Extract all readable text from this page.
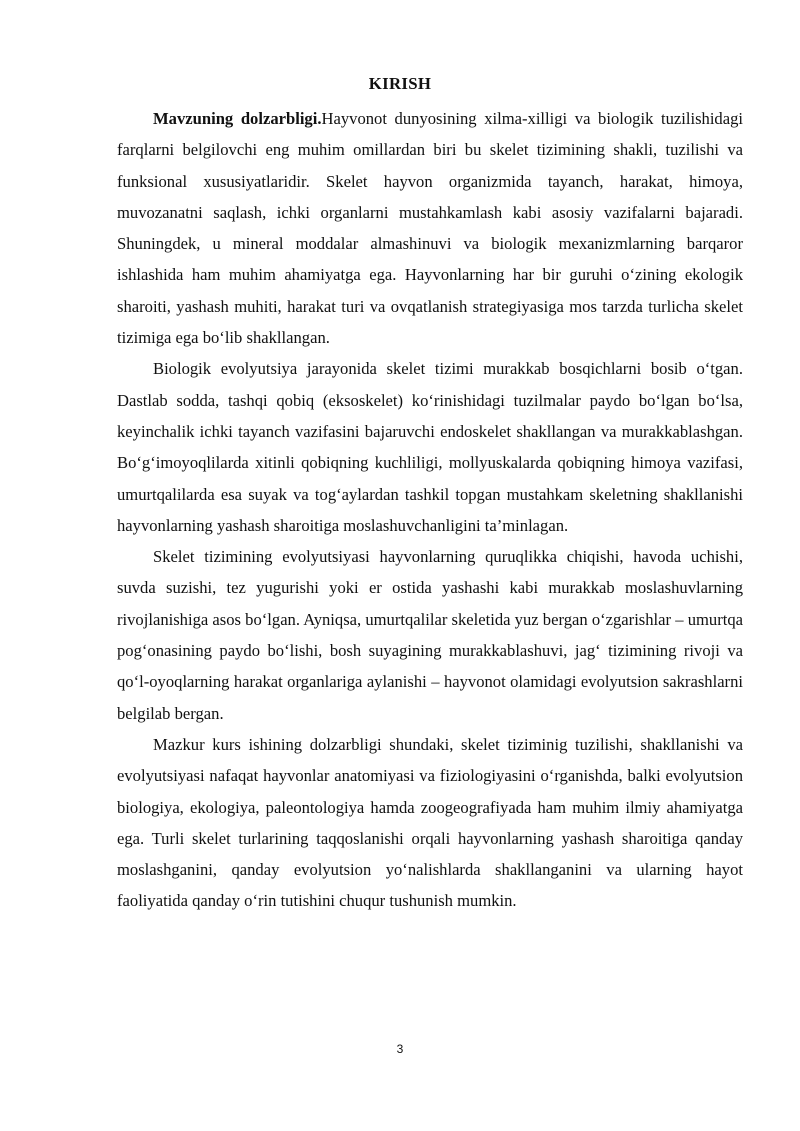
KIRISH

Mavzuning dolzarbligi.Hayvonot dunyosining xilma-xilligi va biologik tuzilishidagi farqlarni belgilovchi eng muhim omillardan biri bu skelet tizimining shakli, tuzilishi va funksional xususiyatlaridir. Skelet hayvon organizmida tayanch, harakat, himoya, muvozanatni saqlash, ichki organlarni mustahkamlash kabi asosiy vazifalarni bajaradi. Shuningdek, u mineral moddalar almashinuvi va biologik mexanizmlarning barqaror ishlashida ham muhim ahamiyatga ega. Hayvonlarning har bir guruhi o‘zining ekologik sharoiti, yashash muhiti, harakat turi va ovqatlanish strategiyasiga mos tarzda turlicha skelet tizimiga ega bo‘lib shakllangan.

Biologik evolyutsiya jarayonida skelet tizimi murakkab bosqichlarni bosib o‘tgan. Dastlab sodda, tashqi qobiq (eksoskelet) ko‘rinishidagi tuzilmalar paydo bo‘lgan bo‘lsa, keyinchalik ichki tayanch vazifasini bajaruvchi endoskelet shakllangan va murakkablashgan. Bo‘g‘imoyoqlilarda xitinli qobiqning kuchliligi, mollyuskalarda qobiqning himoya vazifasi, umurtqalilarda esa suyak va tog‘aylardan tashkil topgan mustahkam skeletning shakllanishi hayvonlarning yashash sharoitiga moslashuvchanligini ta’minlagan.

Skelet tizimining evolyutsiyasi hayvonlarning quruqlikka chiqishi, havoda uchishi, suvda suzishi, tez yugurishi yoki er ostida yashashi kabi murakkab moslashuvlarning rivojlanishiga asos bo‘lgan. Ayniqsa, umurtqalilar skeletida yuz bergan o‘zgarishlar – umurtqa pog‘onasining paydo bo‘lishi, bosh suyagining murakkablashuvi, jag‘ tizimining rivoji va qo‘l-oyoqlarning harakat organlariga aylanishi – hayvonot olamidagi evolyutsion sakrashlarni belgilab bergan.

Mazkur kurs ishining dolzarbligi shundaki, skelet tiziminig tuzilishi, shakllanishi va evolyutsiyasi nafaqat hayvonlar anatomiyasi va fiziologiyasini o‘rganishda, balki evolyutsion biologiya, ekologiya, paleontologiya hamda zoogeografiyada ham muhim ilmiy ahamiyatga ega. Turli skelet turlarining taqqoslanishi orqali hayvonlarning yashash sharoitiga qanday moslashganini, qanday evolyutsion yo‘nalishlarda shakllanganini va ularning hayot faoliyatida qanday o‘rin tutishini chuqur tushunish mumkin.

3
